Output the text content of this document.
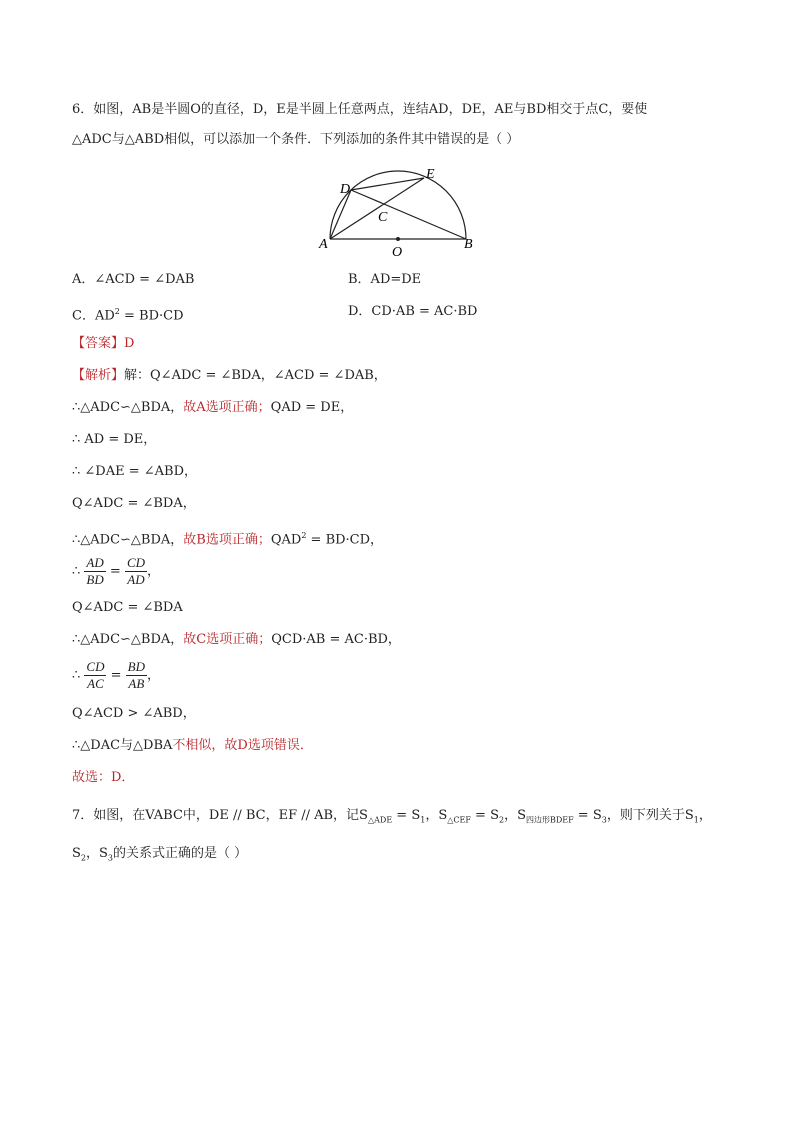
6．如图，AB是半圆O的直径，D，E是半圆上任意两点，连结AD，DE，AE与BD相交于点C，要使
△ADC与△ABD相似，可以添加一个条件．下列添加的条件其中错误的是（ ）
A	B
D
E
C
O
A．∠ACD = ∠DAB	B．AD=DE
C．$AD^2 = BD\cdot CD$	D．CD·AB = AC·BD
【答案】D
【解析】解：Q∠ADC = ∠BDA，∠ACD = ∠DAB，
∴△ADC∽△BDA，故A选项正确；QAD = DE，
∴ AD = DE，
∴ ∠DAE = ∠ABD，
Q∠ADC = ∠BDA，
∴△ADC∽△BDA，故B选项正确；$QAD^2 = BD\cdot CD$，
∴ $\frac{AD}{BD} = \frac{CD}{AD}$ ，
Q∠ADC = ∠BDA
∴△ADC∽△BDA，故C选项正确；QCD·AB = AC·BD，
∴ $\frac{CD}{AC} = \frac{BD}{AB}$ ，
Q∠ACD > ∠ABD，
∴△DAC与△DBA不相似，故D选项错误．
故选：D．
7．如图，在VABC中，DE // BC，EF // AB，记$S_{\triangle ADE} = S_1$，$S_{\triangle CEF} = S_2$，$S_{四边形BDEF} = S_3$，则下列关于$S_1$，
$S_2$，$S_3$的关系式正确的是（ ）
